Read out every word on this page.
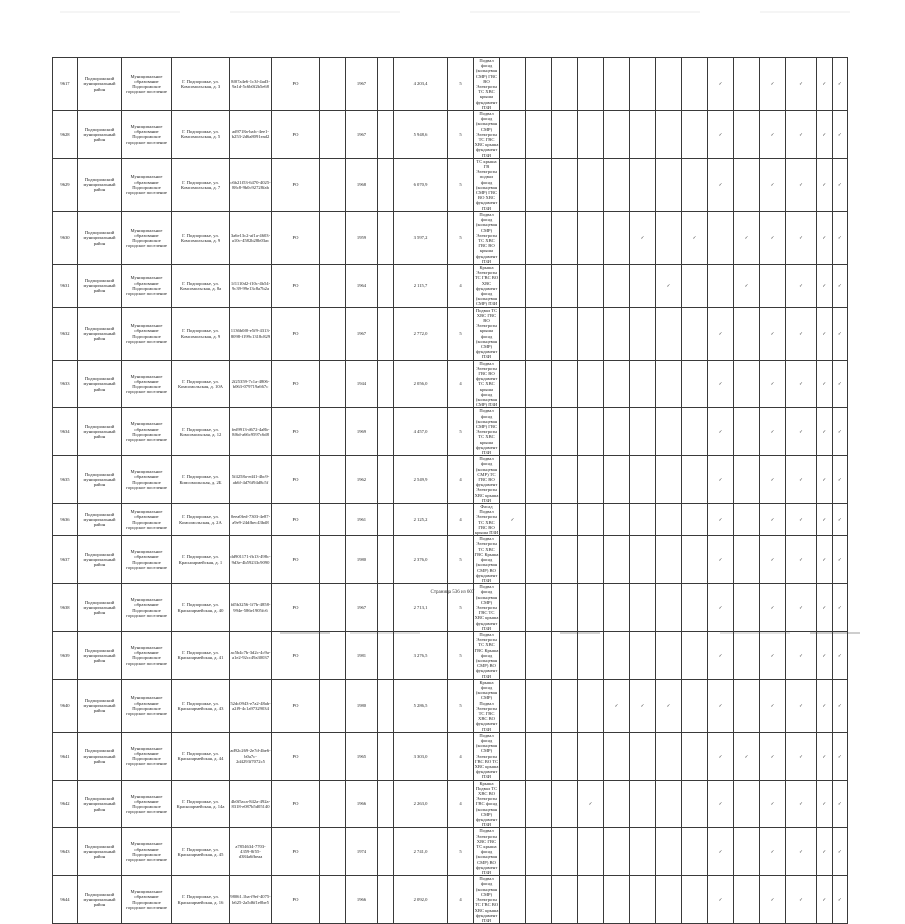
9617	Подпорожский муниципальный район	Муниципальное образование Подпорожское городское поселение	Г. Подпорожье, ул. Комсомольская, д. 3	8f07a4e6-1c3f-4ad3-9a1d-5c6b0f2b5e68	РО		1967		4 203,4	5	Подвал фасад (кольцевая СМР) ГВС ВО Электроэн ТС ХВС крыша фундамент ПЗИ									✓		✓	✓	✓	✓
9628	Подпорожский муниципальный район	Муниципальное образование Подпорожское городское поселение	Г. Подпорожье, ул. Комсомольская, д. 5	ad9718a-bafc-4ee1-b253-2d6a8091ead2	РО		1967		5 948,6	5	Подвал фасад (кольцевая СМР) Электроэн ТС ГВС ХВС крыша фундамент ПЗИ									✓		✓	✓	✓	✓
9629	Подпорожский муниципальный район	Муниципальное образование Подпорожское городское поселение	Г. Подпорожье, ул. Комсомольская, д. 7	c6b21f53-6470-4025-88c8-9b0c92728fab	РО		1968		6 070,9	5	ТС крыша ГВ Электроэн подвал фасад (кольцевая СМР) ГВС ВО ХВС фундамент ПЗИ									✓		✓	✓	✓	✓
9630	Подпорожский муниципальный район	Муниципальное образование Подпорожское городское поселение	Г. Подпорожье, ул. Комсомольская, д. 9	3a6e13c2-af1a-4603-a10c-4582b28b03ac	РО		1959		3 597,2	5	Подвал фасад (кольцевая СМР) Электроэн ТС ХВС ГВС ВО крыша фундамент ПЗИ						✓		✓		✓	✓	✓	✓	✓
9631	Подпорожский муниципальный район	Муниципальное образование Подпорожское городское поселение	Г. Подпорожье, ул. Комсомольская, д. 8а	1f1110d2-f10c-4b54-9c39-99e13c8a7b2a	РО		1964		2 115,7	4	Крыша Электроэн ТС ГВС ВО ХВС фундамент фасад (кольцевая СМР) ПЗИ							✓			✓		✓	✓	✓
9632	Подпорожский муниципальный район	Муниципальное образование Подпорожское городское поселение	Г. Подпорожье, ул. Комсомольская, д. 9	1136b0f0-e5f9-4313-8098-f199c1318c829	РО		1967		2 772,0	5	Подвал ТС ХВС ГВС ВО Электроэн крыша фасад (кольцевая СМР) фундамент ПЗИ									✓		✓	✓	✓	✓
9633	Подпорожский муниципальный район	Муниципальное образование Подпорожское городское поселение	Г. Подпорожье, ул. Комсомольская, д. 10А	2f25359-7c1a-4806-b063-079719a667c	РО		1944		2 056,0	4	Подвал Электроэн ГВС ВО фундамент ТС ХВС крыша фасад (кольцевая СМР) ПЗИ									✓		✓	✓	✓	✓
9634	Подпорожский муниципальный район	Муниципальное образование Подпорожское городское поселение	Г. Подпорожье, ул. Комсомольская, д. 12	fed9913-d672-4a8b-8f6d-a66c9597c6d8	РО		1969		4 457,0	5	Подвал фасад (кольцевая СМР) ГВС Электроэн ТС ХВС крыша фундамент ПЗИ									✓		✓	✓	✓	✓
9635	Подпорожский муниципальный район	Муниципальное образование Подпорожское городское поселение	Г. Подпорожье, ул. Комсомольская, д. 2Б	5f4258a-ed41-4bc9-ab6f-4d76f94d8c5f	РО		1962		2 549,9	4	Подвал фасад (кольцевая СМР) ТС ГВС ВО фундамент Электроэн ХВС крыша ПЗИ									✓		✓	✓	✓	✓
9636	Подпорожский муниципальный район	Муниципальное образование Подпорожское городское поселение	Г. Подпорожье, ул. Комсомольская, д. 2А	0eea0fed-7303-4e87-a9e9-24dfbec43bd8	РО		1961		2 125,2	4	Фасад Подвал Электроэн ТС ХВС ГВС ВО крыша ПЗИ	✓								✓		✓	✓	✓	✓
9637	Подпорожский муниципальный район	Муниципальное образование Подпорожское городское поселение	Г. Подпорожье, ул. Красноармейская, д. 1	dd901171-fb13-498c-9d3e-4b59233c9090	РО		1980		2 376,0	5	Подвал Электроэн ТС ХВС ГВС Крыша фасад (кольцевая СМР) ВО фундамент ПЗИ									✓		✓	✓	✓	✓
9638	Подпорожский муниципальный район	Муниципальное образование Подпорожское городское поселение	Г. Подпорожье, ул. Красноармейская, д. 40	fd5b3256-1f7b-4858-994e-586e1905fc6	РО		1967		2 713,1	5	Подвал фасад (кольцевая СМР) Электроэн ГВС ТС ХВС крыша фундамент ПЗИ									✓		✓	✓	✓	✓
9639	Подпорожский муниципальный район	Муниципальное образование Подпорожское городское поселение	Г. Подпорожье, ул. Красноармейская, д. 41	ac5b4c7b-3d2c-4c9a-a1e2-92cc49a30037	РО		1981		3 276,5	5	Подвал Электроэн ТС ХВС ГВС Крыша фасад (кольцевая СМР) ВО фундамент ПЗИ									✓		✓	✓	✓	✓
9640	Подпорожский муниципальный район	Муниципальное образование Подпорожское городское поселение	Г. Подпорожье, ул. Красноармейская, д. 43	52dc0943-e7a2-48ab-a2f9-4c1a97329034	РО		1980		5 286,5	5	Крыша фасад (кольцевая СМР) Подвал Электроэн ТС ГВС ХВС ВО фундамент ПЗИ					✓	✓	✓		✓		✓	✓	✓	✓
9641	Подпорожский муниципальный район	Муниципальное образование Подпорожское городское поселение	Г. Подпорожье, ул. Красноармейская, д. 44	ad92c269-2e7d-4be6-b0a7c-2d4293f7072c5	РО		1965		3 303,0	4	Подвал фасад (кольцевая СМР) Электроэн ГВС ВО ТС ХВС крыша фундамент ПЗИ									✓	✓	✓	✓	✓	✓
9642	Подпорожский муниципальный район	Муниципальное образование Подпорожское городское поселение	Г. Подпорожье, ул. Красноармейская, д. 14а	4b0f5aca-842a-492a-8318-e087b5d05140	РО		1966		2 263,0	4	Крыша Подвал ТС ХВС ВО Электроэн ГВС фасад (кольцевая СМР) фундамент ПЗИ				✓					✓		✓	✓	✓	✓
9643	Подпорожский муниципальный район	Муниципальное образование Подпорожское городское поселение	Г. Подпорожье, ул. Красноармейская, д. 45	a7854634-7703-4359-8f55-d384a6fbeaa	РО		1974		2 741,0	5	Подвал Электроэн ХВС ГВС ТС крыша фасад (кольцевая СМР) ВО фундамент ПЗИ									✓		✓	✓	✓	✓
9644	Подпорожский муниципальный район	Муниципальное образование Подпорожское городское поселение	Г. Подпорожье, ул. Красноармейская, д. 16	98061.1ba-f9ef-4075-b625-2a5d6f1e0be5	РО		1966		2 092,0	4	Подвал фасад (кольцевая СМР) Электроэн ТС ГВС ВО ХВС крыша фундамент ПЗИ									✓		✓	✓	✓	✓
Страница 536 из 607
